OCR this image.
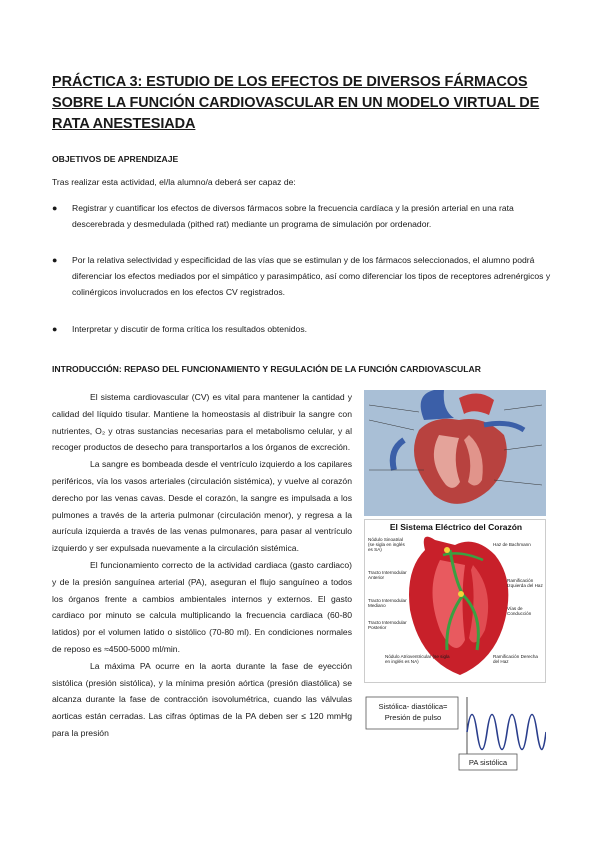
PRÁCTICA 3: ESTUDIO DE LOS EFECTOS DE DIVERSOS FÁRMACOS SOBRE LA FUNCIÓN CARDIOVASCULAR EN UN MODELO VIRTUAL DE RATA ANESTESIADA
OBJETIVOS DE APRENDIZAJE
Tras realizar esta actividad, el/la alumno/a deberá ser capaz de:
● Registrar y cuantificar los efectos de diversos fármacos sobre la frecuencia cardíaca y la presión arterial en una rata descerebrada y desmedulada (pithed rat) mediante un programa de simulación por ordenador.
● Por la relativa selectividad y especificidad de las vías que se estimulan y de los fármacos seleccionados, el alumno podrá diferenciar los efectos mediados por el simpático y parasimpático, así como diferenciar los tipos de receptores adrenérgicos y colinérgicos involucrados en los efectos CV registrados.
● Interpretar y discutir de forma crítica los resultados obtenidos.
INTRODUCCIÓN: REPASO DEL FUNCIONAMIENTO Y REGULACIÓN DE LA FUNCIÓN CARDIOVASCULAR

El sistema cardiovascular (CV) es vital para mantener la cantidad y calidad del líquido tisular. Mantiene la homeostasis al distribuir la sangre con nutrientes, O₂ y otras sustancias necesarias para el metabolismo celular, y al recoger productos de desecho para transportarlos a los órganos de excreción.

La sangre es bombeada desde el ventrículo izquierdo a los capilares periféricos, vía los vasos arteriales (circulación sistémica), y vuelve al corazón derecho por las venas cavas. Desde el corazón, la sangre es impulsada a los pulmones a través de la arteria pulmonar (circulación menor), y regresa a la aurícula izquierda a través de las venas pulmonares, para pasar al ventrículo izquierdo y ser expulsada nuevamente a la circulación sistémica.

El funcionamiento correcto de la actividad cardiaca (gasto cardiaco) y de la presión sanguínea arterial (PA), aseguran el flujo sanguíneo a todos los órganos frente a cambios ambientales internos y externos. El gasto cardiaco por minuto se calcula multiplicando la frecuencia cardiaca (60-80 latidos) por el volumen latido o sistólico (70-80 ml). En condiciones normales de reposo es ≈4500-5000 ml/min.

La máxima PA ocurre en la aorta durante la fase de eyección sistólica (presión sistólica), y la mínima presión aórtica (presión diastólica) se alcanza durante la fase de contracción isovolumétrica, cuando las válvulas aorticas están cerradas. Las cifras óptimas de la PA deben ser ≤ 120 mmHg para la presión

El Sistema Eléctrico del Corazón
Nódulo Sinoatrial (se sigla en inglés es SA)
Haz de Bachmann
Tracto Internodular Anterior
Ramificación Izquierda del Haz
Tracto Internodular Mediano
Vías de Conducción
Tracto Internodular Posterior
Nódulo Atrioventricular (se sigla en inglés es NA)
Ramificación Derecha del Haz
Sistólica- diastólica= Presión de pulso
PA sistólica
